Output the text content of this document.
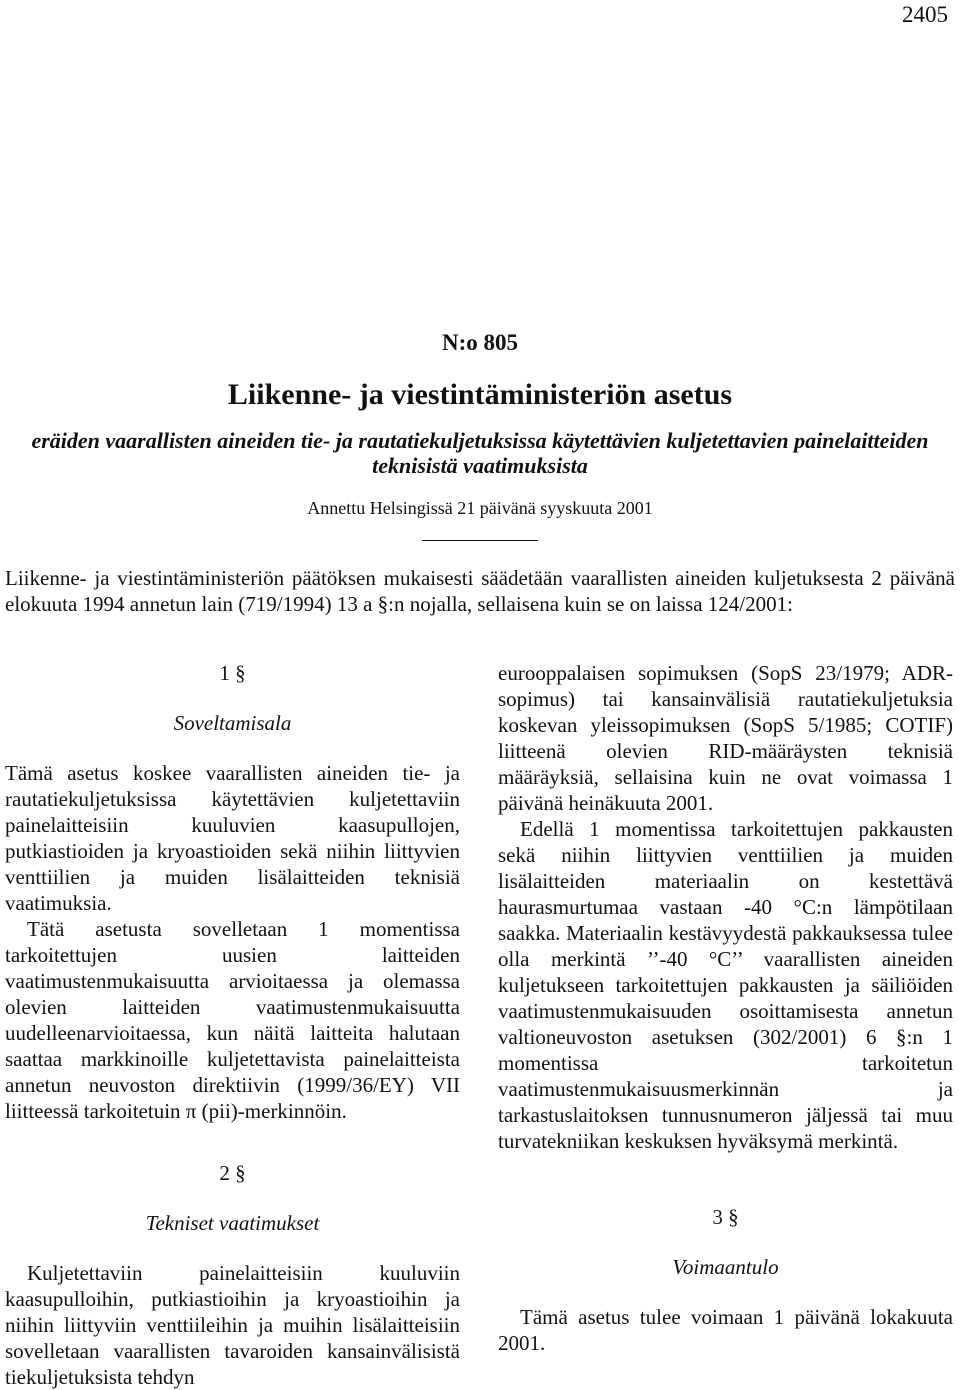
2405
N:o 805
Liikenne- ja viestintäministeriön asetus
eräiden vaarallisten aineiden tie- ja rautatiekuljetuksissa käytettävien kuljetettavien painelaitteiden teknisistä vaatimuksista
Annettu Helsingissä 21 päivänä syyskuuta 2001
Liikenne- ja viestintäministeriön päätöksen mukaisesti säädetään vaarallisten aineiden kuljetuksesta 2 päivänä elokuuta 1994 annetun lain (719/1994) 13 a §:n nojalla, sellaisena kuin se on laissa 124/2001:
1 §
Soveltamisala

Tämä asetus koskee vaarallisten aineiden tie- ja rautatiekuljetuksissa käytettävien kuljetettaviin painelaitteisiin kuuluvien kaasupullojen, putkiastioiden ja kryoastioiden sekä niihin liittyvien venttiilien ja muiden lisälaitteiden teknisiä vaatimuksia.

Tätä asetusta sovelletaan 1 momentissa tarkoitettujen uusien laitteiden vaatimustenmukaisuutta arvioitaessa ja olemassa olevien laitteiden vaatimustenmukaisuutta uudelleenarvioitaessa, kun näitä laitteita halutaan saattaa markkinoille kuljetettavista painelaitteista annetun neuvoston direktiivin (1999/36/EY) VII liitteessä tarkoitetuin π (pii)-merkinnöin.

2 §
Tekniset vaatimukset

Kuljetettaviin painelaitteisiin kuuluviin kaasupulloihin, putkiastioihin ja kryoastioihin ja niihin liittyviin venttiileihin ja muihin lisälaitteisiin sovelletaan vaarallisten tavaroiden kansainvälisistä tiekuljetuksista tehdyn

eurooppalaisen sopimuksen (SopS 23/1979; ADR-sopimus) tai kansainvälisiä rautatiekuljetuksia koskevan yleissopimuksen (SopS 5/1985; COTIF) liitteenä olevien RID-määräysten teknisiä määräyksiä, sellaisina kuin ne ovat voimassa 1 päivänä heinäkuuta 2001.

Edellä 1 momentissa tarkoitettujen pakkausten sekä niihin liittyvien venttiilien ja muiden lisälaitteiden materiaalin on kestettävä haurasmurtumaa vastaan -40 °C:n lämpötilaan saakka. Materiaalin kestävyydestä pakkauksessa tulee olla merkintä ’’-40 °C’’ vaarallisten aineiden kuljetukseen tarkoitettujen pakkausten ja säiliöiden vaatimustenmukaisuuden osoittamisesta annetun valtioneuvoston asetuksen (302/2001) 6 §:n 1 momentissa tarkoitetun vaatimustenmukaisuusmerkinnän ja tarkastuslaitoksen tunnusnumeron jäljessä tai muu turvatekniikan keskuksen hyväksymä merkintä.

3 §
Voimaantulo

Tämä asetus tulee voimaan 1 päivänä lokakuuta 2001.
